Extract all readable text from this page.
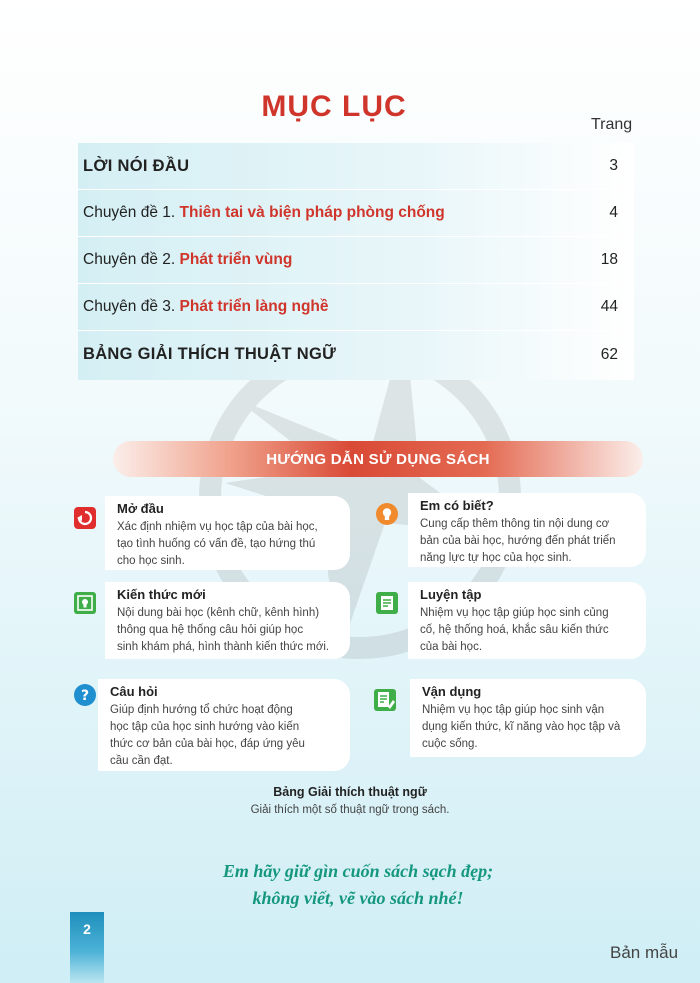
MỤC LỤC
Trang
LỜI NÓI ĐẦU	3
Chuyên đề 1. Thiên tai và biện pháp phòng chống	4
Chuyên đề 2. Phát triển vùng	18
Chuyên đề 3. Phát triển làng nghề	44
BẢNG GIẢI THÍCH THUẬT NGỮ	62
HƯỚNG DẪN SỬ DỤNG SÁCH
Mở đầu
Xác định nhiệm vụ học tập của bài học,
tạo tình huống có vấn đề, tạo hứng thú
cho học sinh.
Em có biết?
Cung cấp thêm thông tin nội dung cơ
bản của bài học, hướng đến phát triển
năng lực tự học của học sinh.
Kiến thức mới
Nội dung bài học (kênh chữ, kênh hình)
thông qua hệ thống câu hỏi giúp học
sinh khám phá, hình thành kiến thức mới.
Luyện tập
Nhiệm vụ học tập giúp học sinh củng
cố, hệ thống hoá, khắc sâu kiến thức
của bài học.
? Câu hỏi
Giúp định hướng tổ chức hoạt động
học tập của học sinh hướng vào kiến
thức cơ bản của bài học, đáp ứng yêu
cầu cần đạt.
Vận dụng
Nhiệm vụ học tập giúp học sinh vận
dụng kiến thức, kĩ năng vào học tập và
cuộc sống.
Bảng Giải thích thuật ngữ
Giải thích một số thuật ngữ trong sách.
Em hãy giữ gìn cuốn sách sạch đẹp;
không viết, vẽ vào sách nhé!
2
Bản mẫu
